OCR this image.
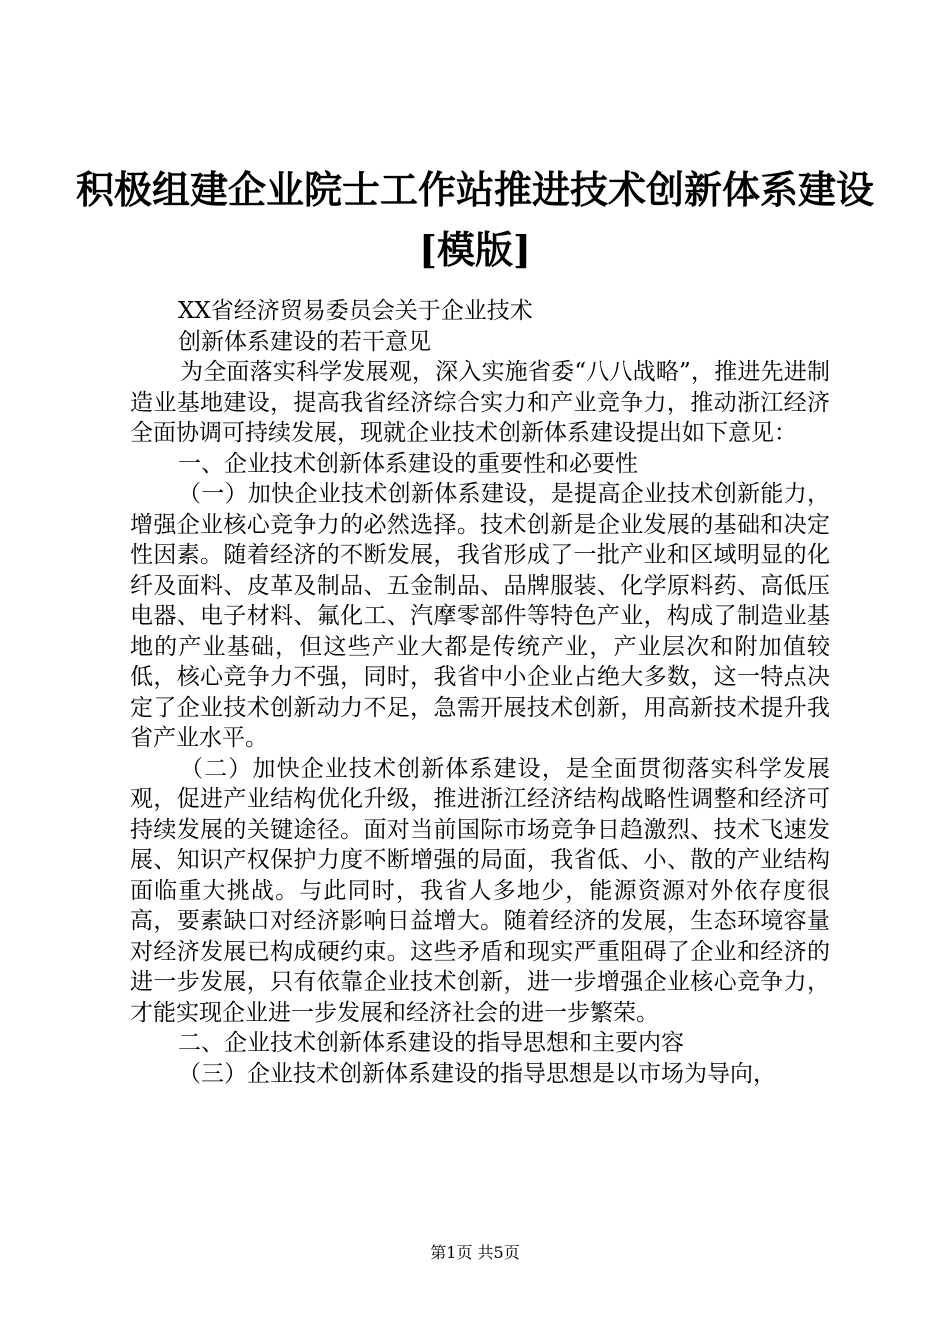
积极组建企业院士工作站推进技术创新体系建设[模版]

XX省经济贸易委员会关于企业技术

创新体系建设的若干意见

为全面落实科学发展观，深入实施省委“八八战略”，推进先进制造业基地建设，提高我省经济综合实力和产业竞争力，推动浙江经济全面协调可持续发展，现就企业技术创新体系建设提出如下意见：

一、企业技术创新体系建设的重要性和必要性

（一）加快企业技术创新体系建设，是提高企业技术创新能力，增强企业核心竞争力的必然选择。技术创新是企业发展的基础和决定性因素。随着经济的不断发展，我省形成了一批产业和区域明显的化纤及面料、皮革及制品、五金制品、品牌服装、化学原料药、高低压电器、电子材料、氟化工、汽摩零部件等特色产业，构成了制造业基地的产业基础，但这些产业大都是传统产业，产业层次和附加值较低，核心竞争力不强，同时，我省中小企业占绝大多数，这一特点决定了企业技术创新动力不足，急需开展技术创新，用高新技术提升我省产业水平。

（二）加快企业技术创新体系建设，是全面贯彻落实科学发展观，促进产业结构优化升级，推进浙江经济结构战略性调整和经济可持续发展的关键途径。面对当前国际市场竞争日趋激烈、技术飞速发展、知识产权保护力度不断增强的局面，我省低、小、散的产业结构面临重大挑战。与此同时，我省人多地少，能源资源对外依存度很高，要素缺口对经济影响日益增大。随着经济的发展，生态环境容量对经济发展已构成硬约束。这些矛盾和现实严重阻碍了企业和经济的进一步发展，只有依靠企业技术创新，进一步增强企业核心竞争力，才能实现企业进一步发展和经济社会的进一步繁荣。

二、企业技术创新体系建设的指导思想和主要内容

（三）企业技术创新体系建设的指导思想是以市场为导向，

第1页 共5页
